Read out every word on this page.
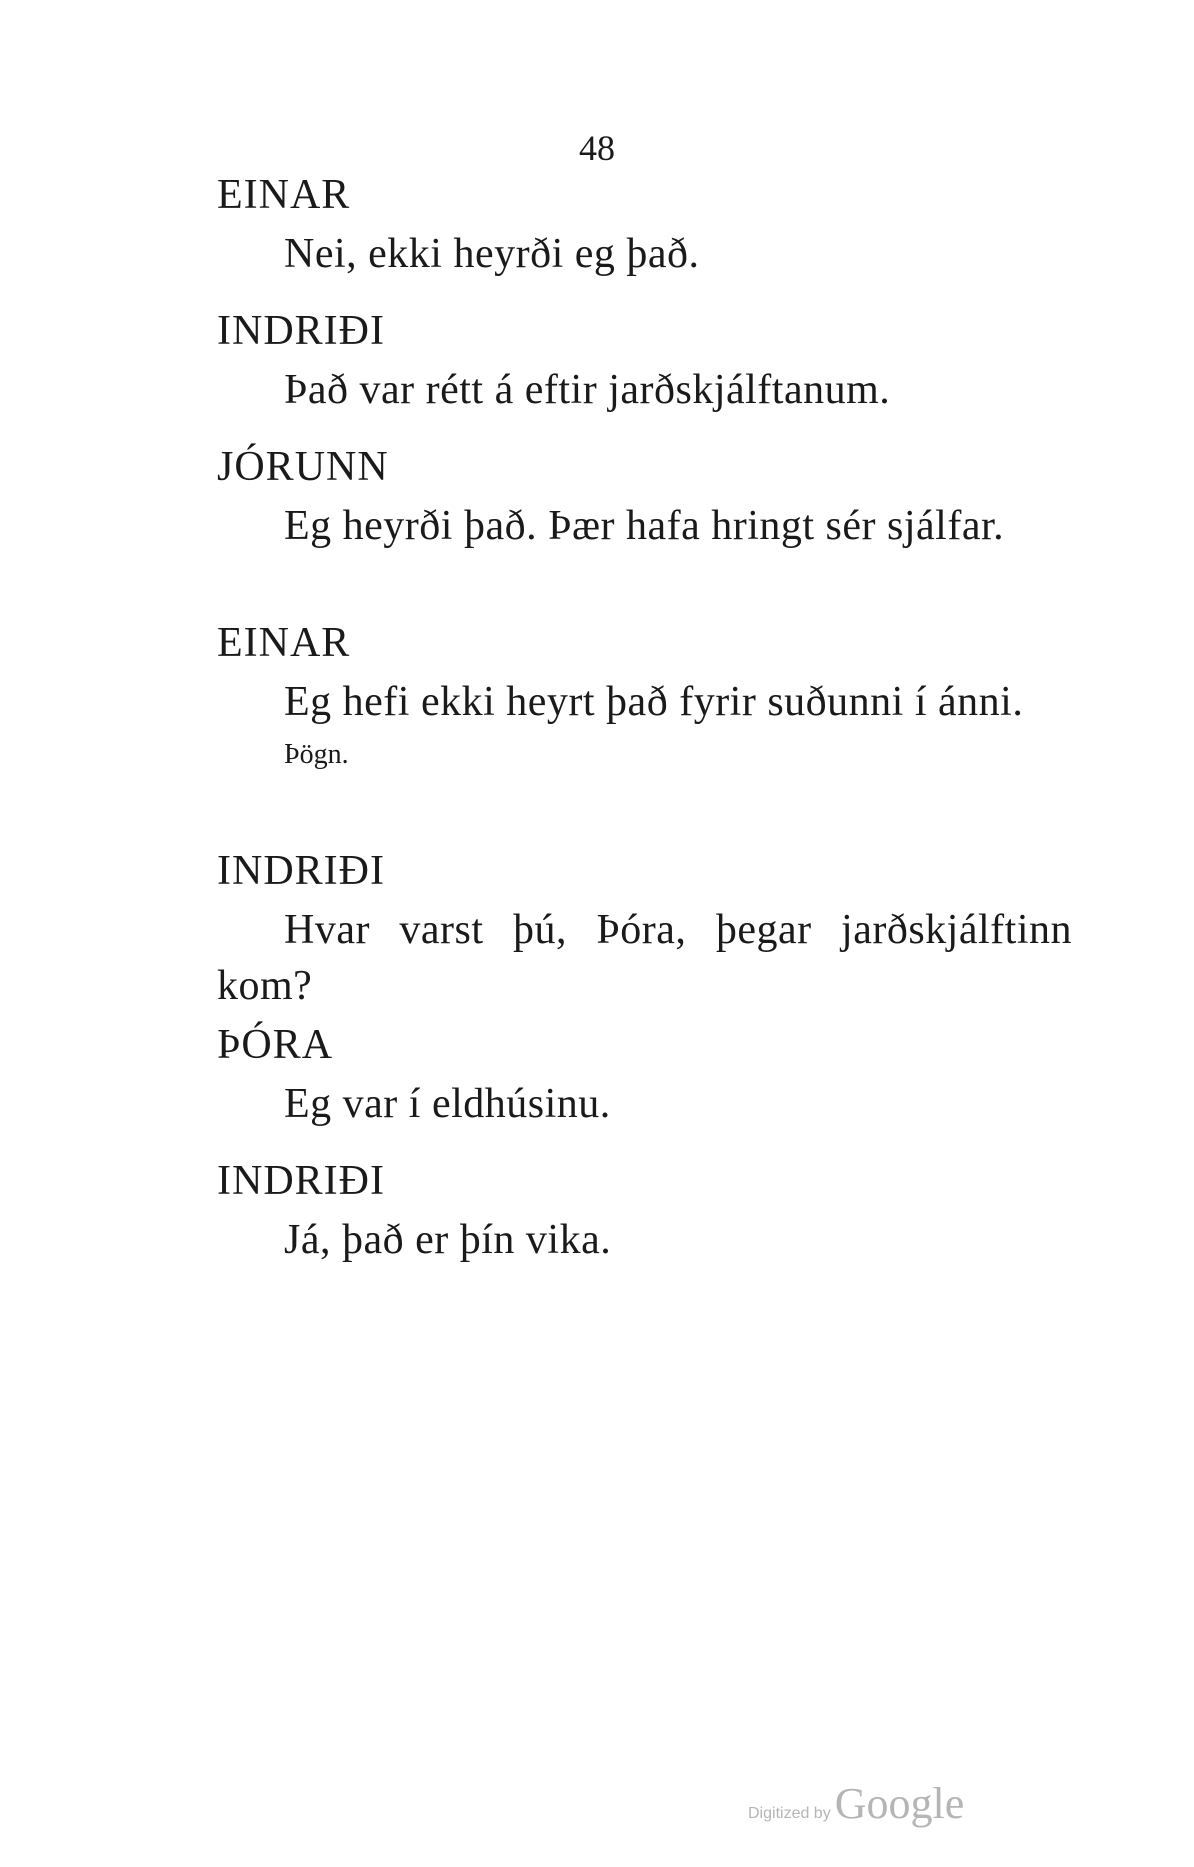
48
EINAR
Nei, ekki heyrði eg það.
INDRIÐI
Það var rétt á eftir jarðskjálftanum.
JÓRUNN
Eg heyrði það. Þær hafa hringt sér sjálfar.
EINAR
Eg hefi ekki heyrt það fyrir suðunni í ánni.
Þögn.
INDRIÐI
Hvar varst þú, Þóra, þegar jarðskjálftinn kom?
ÞÓRA
Eg var í eldhúsinu.
INDRIÐI
Já, það er þín vika.
Digitized by Google
